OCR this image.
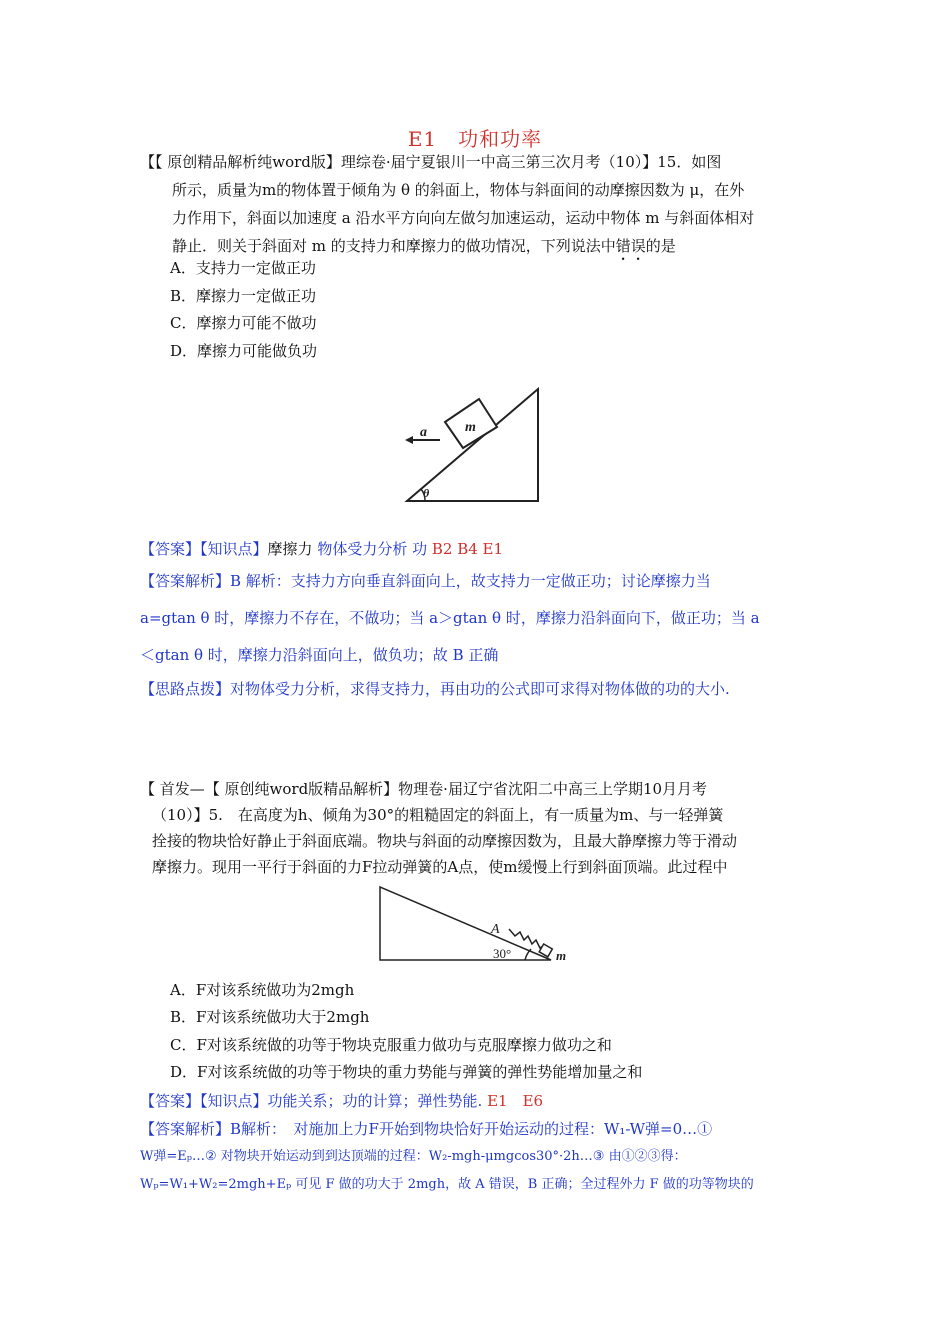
E1　功和功率
【【 原创精品解析纯word版】理综卷·届宁夏银川一中高三第三次月考（10）】15．如图
所示，质量为m的物体置于倾角为 θ 的斜面上，物体与斜面间的动摩擦因数为 μ，在外
力作用下，斜面以加速度 a 沿水平方向向左做匀加速运动，运动中物体 m 与斜面体相对
静止．则关于斜面对 m 的支持力和摩擦力的做功情况，下列说法中错误的是
A．支持力一定做正功
B．摩擦力一定做正功
C．摩擦力可能不做功
D．摩擦力可能做负功
m
a
θ
【答案】【知识点】摩擦力 物体受力分析 功 B2 B4 E1
【答案解析】B 解析：支持力方向垂直斜面向上，故支持力一定做正功；讨论摩擦力当
a=gtan θ 时，摩擦力不存在，不做功；当 a＞gtan θ 时，摩擦力沿斜面向下，做正功；当 a
＜gtan θ 时，摩擦力沿斜面向上，做负功；故 B 正确
【思路点拨】对物体受力分析，求得支持力，再由功的公式即可求得对物体做的功的大小.
【 首发—【 原创纯word版精品解析】物理卷·届辽宁省沈阳二中高三上学期10月月考
（10）】5.　在高度为h、倾角为30°的粗糙固定的斜面上，有一质量为m、与一轻弹簧
拴接的物块恰好静止于斜面底端。物块与斜面的动摩擦因数为，且最大静摩擦力等于滑动
摩擦力。现用一平行于斜面的力F拉动弹簧的A点，使m缓慢上行到斜面顶端。此过程中
A
30°	m
A．F对该系统做功为2mgh
B．F对该系统做功大于2mgh
C．F对该系统做的功等于物块克服重力做功与克服摩擦力做功之和
D．F对该系统做的功等于物块的重力势能与弹簧的弹性势能增加量之和
【答案】【知识点】功能关系；功的计算；弹性势能. E1　E6
【答案解析】B解析：　对施加上力F开始到物块恰好开始运动的过程：W₁-W弹=0…①
W弹=Eₚ…② 对物块开始运动到到达顶端的过程：W₂-mgh-μmgcos30°·2h…③ 由①②③得：
Wₚ=W₁+W₂=2mgh+Eₚ 可见 F 做的功大于 2mgh，故 A 错误，B 正确；全过程外力 F 做的功等物块的
